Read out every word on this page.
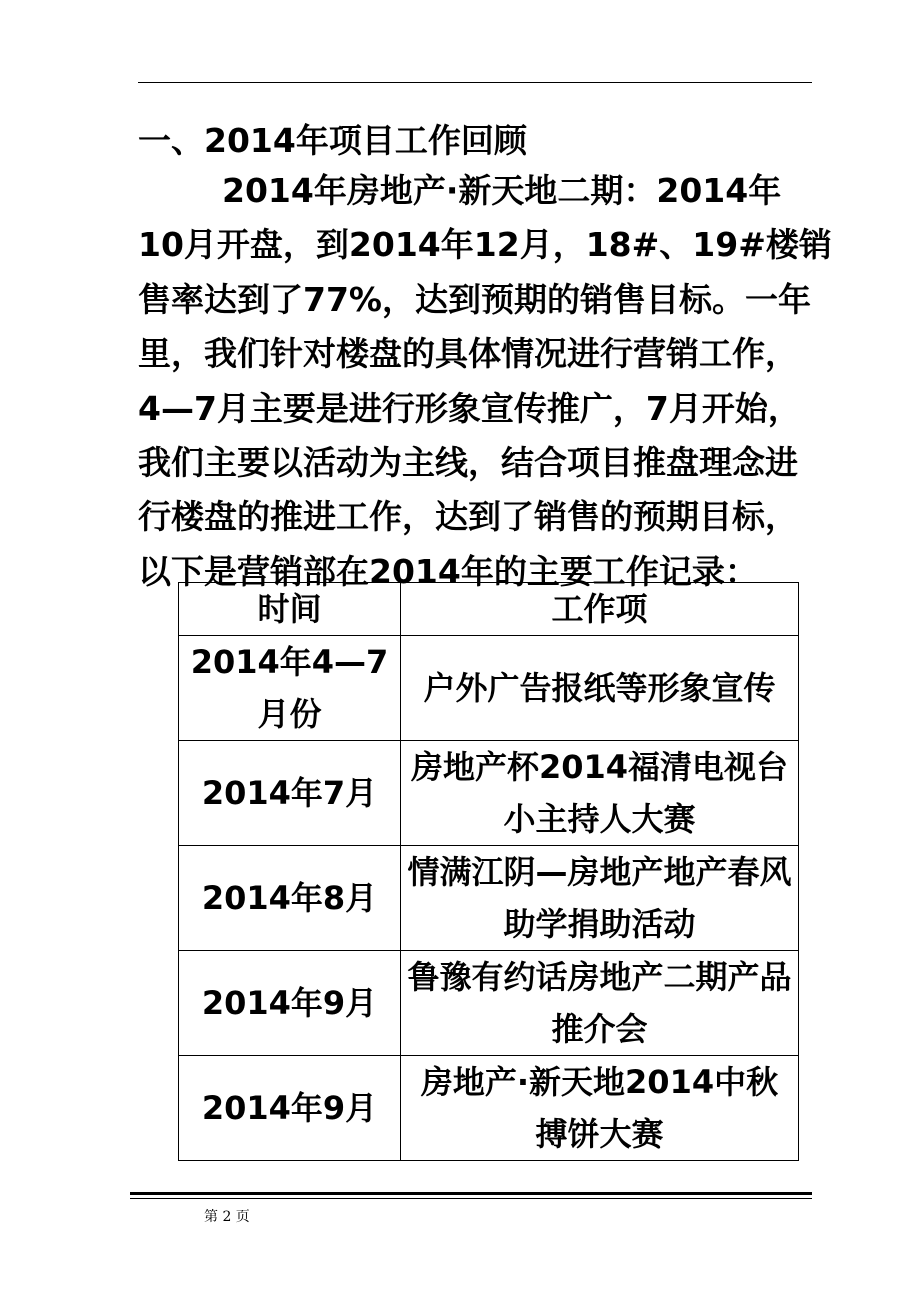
一、2014年项目工作回顾
2014年房地产·新天地二期：2014年
10月开盘，到2014年12月，18#、19#楼销
售率达到了77%，达到预期的销售目标。一年
里，我们针对楼盘的具体情况进行营销工作，
4—7月主要是进行形象宣传推广，7月开始，
我们主要以活动为主线，结合项目推盘理念进
行楼盘的推进工作，达到了销售的预期目标，
以下是营销部在2014年的主要工作记录：
时间	工作项
2014年4—7月份	户外广告报纸等形象宣传
2014年7月	房地产杯2014福清电视台小主持人大赛
2014年8月	情满江阴—房地产地产春风助学捐助活动
2014年9月	鲁豫有约话房地产二期产品推介会
2014年9月	房地产·新天地2014中秋搏饼大赛
第 2 页
